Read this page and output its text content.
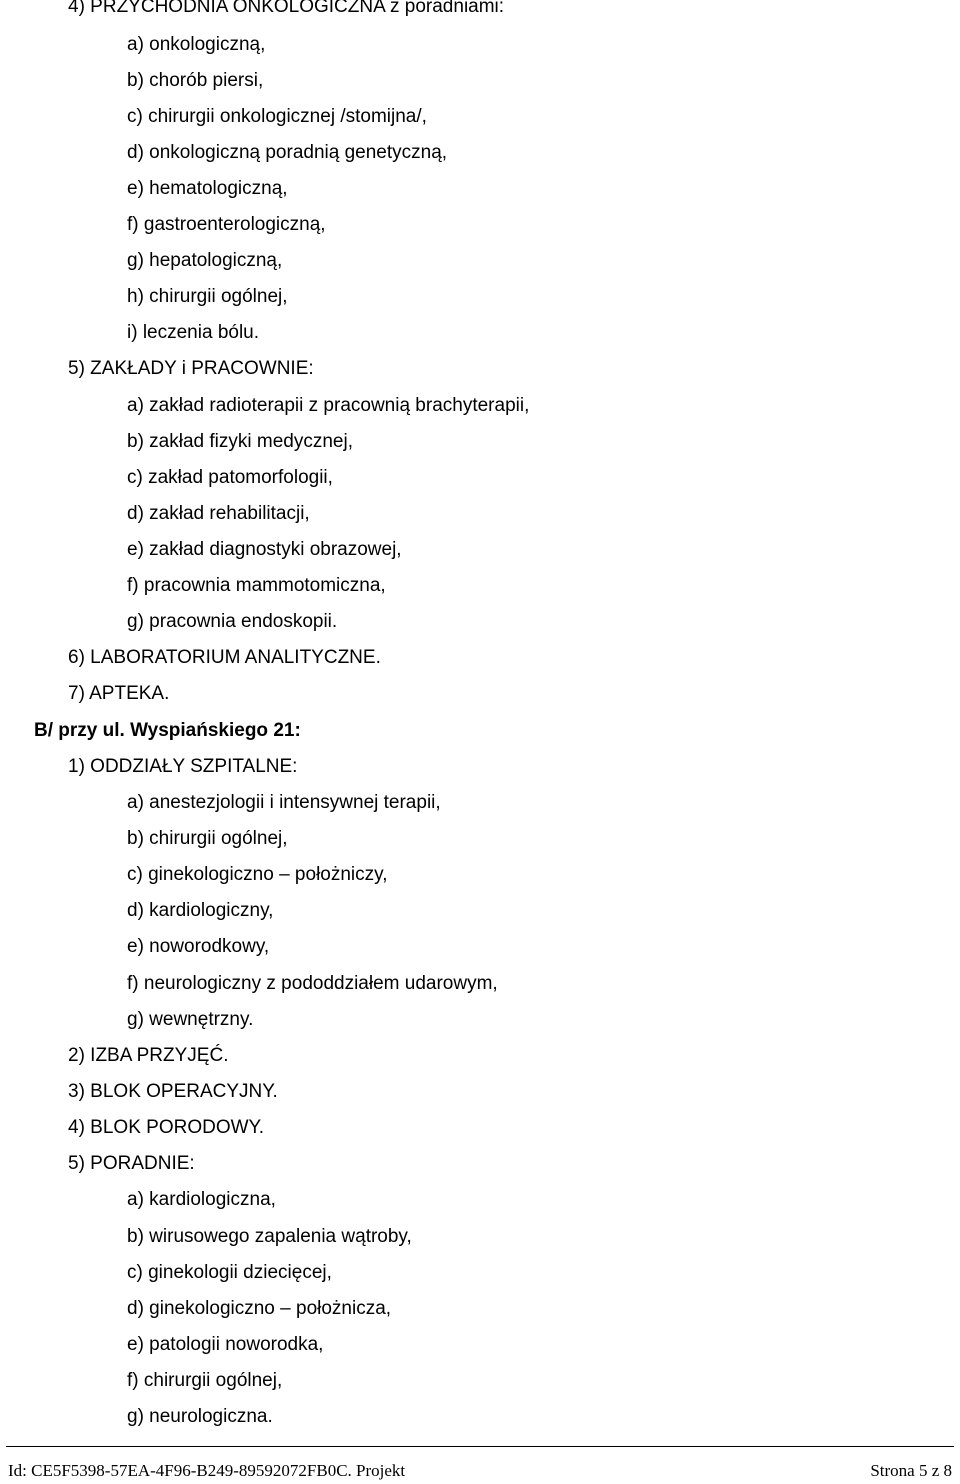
4) PRZYCHODNIA ONKOLOGICZNA z poradniami:
a) onkologiczną,
b) chorób piersi,
c) chirurgii onkologicznej /stomijna/,
d) onkologiczną poradnią genetyczną,
e) hematologiczną,
f) gastroenterologiczną,
g) hepatologiczną,
h) chirurgii ogólnej,
i) leczenia bólu.
5) ZAKŁADY i PRACOWNIE:
a) zakład radioterapii z pracownią brachyterapii,
b) zakład fizyki medycznej,
c) zakład patomorfologii,
d) zakład rehabilitacji,
e) zakład diagnostyki obrazowej,
f) pracownia mammotomiczna,
g) pracownia endoskopii.
6) LABORATORIUM ANALITYCZNE.
7) APTEKA.
B/ przy ul. Wyspiańskiego 21:
1) ODDZIAŁY SZPITALNE:
a) anestezjologii i intensywnej terapii,
b) chirurgii ogólnej,
c) ginekologiczno – położniczy,
d) kardiologiczny,
e) noworodkowy,
f) neurologiczny z pododdziałem udarowym,
g) wewnętrzny.
2) IZBA PRZYJĘĆ.
3) BLOK OPERACYJNY.
4) BLOK PORODOWY.
5) PORADNIE:
a) kardiologiczna,
b) wirusowego zapalenia wątroby,
c) ginekologii dziecięcej,
d) ginekologiczno – położnicza,
e) patologii noworodka,
f) chirurgii ogólnej,
g) neurologiczna.
Id: CE5F5398-57EA-4F96-B249-89592072FB0C. Projekt	Strona 5 z 8
